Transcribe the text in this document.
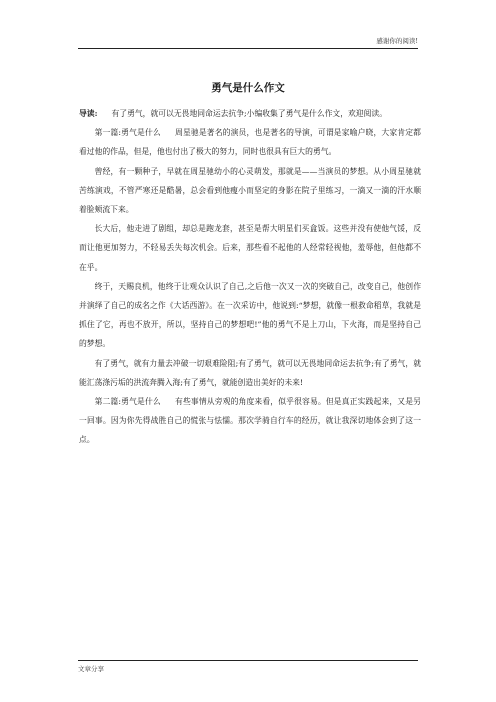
感谢你的阅读!
勇气是什么作文

导读: 有了勇气，就可以无畏地同命运去抗争;小编收集了勇气是什么作文，欢迎阅读。

第一篇:勇气是什么 周星驰是著名的演员，也是著名的导演，可谓是家喻户晓，大家肯定都看过他的作品，但是，他也付出了极大的努力，同时也很具有巨大的勇气。

曾经，有一颗种子，早就在周星驰幼小的心灵萌发，那就是——当演员的梦想。从小周星驰就苦练演戏，不管严寒还是酷暑，总会看到他瘦小而坚定的身影在院子里练习，一滴又一滴的汗水顺着脸颊流下来。

长大后，他走进了剧组，却总是跑龙套，甚至是帮大明星们买盒饭。这些并没有使他气馁，反而让他更加努力，不轻易丢失每次机会。后来，那些看不起他的人经常轻视他，羞辱他，但他都不在乎。

终于，天赐良机，他终于让观众认识了自己,之后他一次又一次的突破自己，改变自己，他创作并演绎了自己的成名之作《大话西游》。在一次采访中，他说到:“梦想，就像一根救命稻草，我就是抓住了它，再也不放开，所以，坚持自己的梦想吧!”他的勇气不是上刀山，下火海，而是坚持自己的梦想。

有了勇气，就有力量去冲破一切艰难险阻;有了勇气，就可以无畏地同命运去抗争;有了勇气，就能汇荡涤污垢的洪流奔腾入海;有了勇气，就能创造出美好的未来!

第二篇:勇气是什么 有些事情从旁观的角度来看，似乎很容易。但是真正实践起来，又是另一回事。因为你先得战胜自己的慌张与怯懦。那次学骑自行车的经历，就让我深切地体会到了这一点。

文章分享
